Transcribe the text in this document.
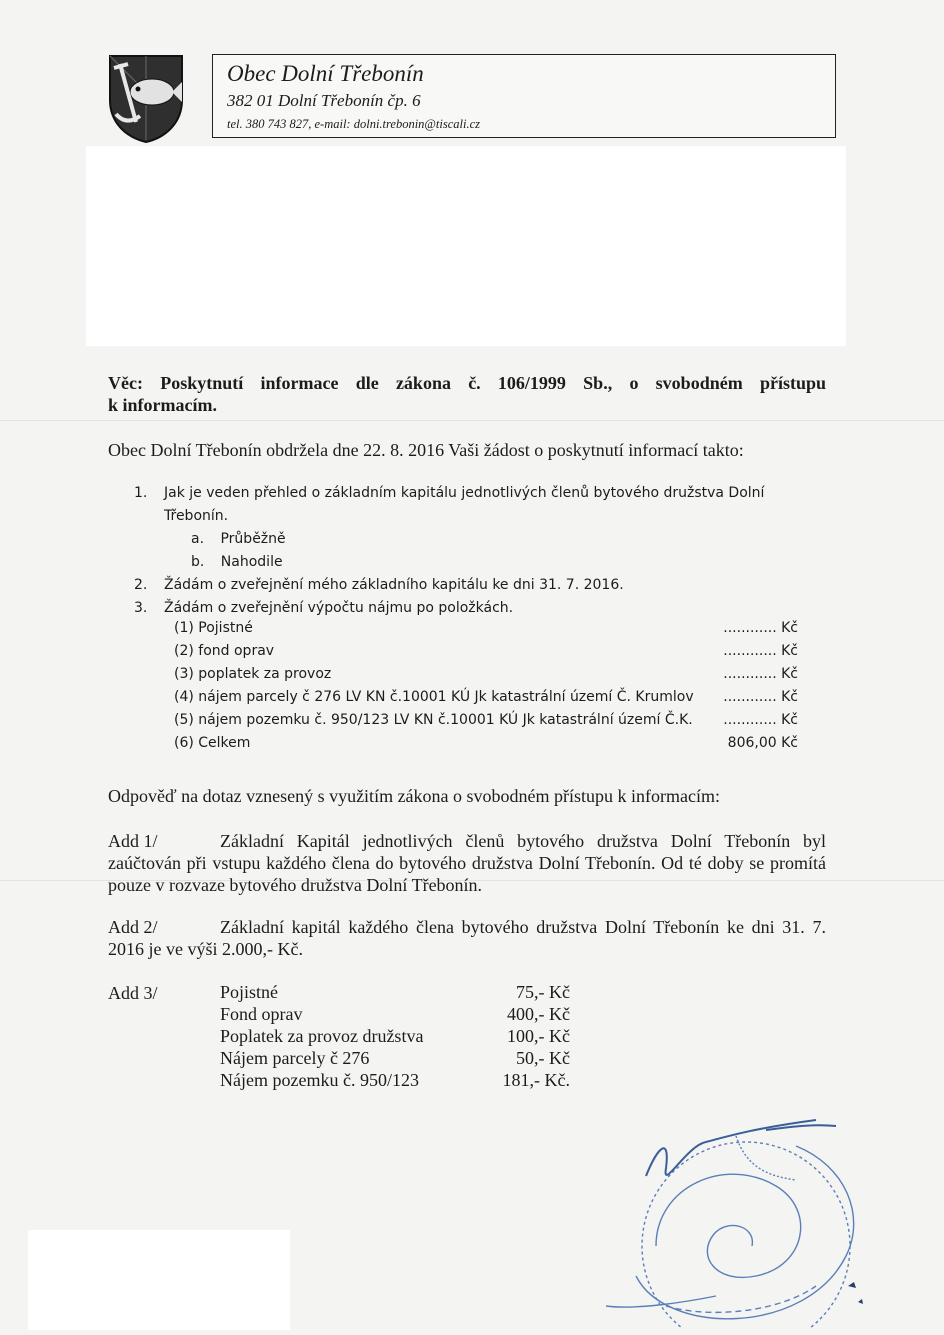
Obec Dolní Třebonín
382 01 Dolní Třebonín čp. 6
tel. 380 743 827, e-mail: dolni.trebonin@tiscali.cz
Věc: Poskytnutí informace dle zákona č. 106/1999 Sb., o svobodném přístupu
k informacím.
Obec Dolní Třebonín obdržela dne 22. 8. 2016 Vaši žádost o poskytnutí informací takto:
1. Jak je veden přehled o základním kapitálu jednotlivých členů bytového družstva Dolní
Třebonín.
a. Průběžně
b. Nahodile
2. Žádám o zveřejnění mého základního kapitálu ke dni 31. 7. 2016.
3. Žádám o zveřejnění výpočtu nájmu po položkách.
(1) Pojistné	............ Kč
(2) fond oprav	............ Kč
(3) poplatek za provoz	............ Kč
(4) nájem parcely č 276 LV KN č.10001 KÚ Jk katastrální území Č. Krumlov ............ Kč
(5) nájem pozemku č. 950/123 LV KN č.10001 KÚ Jk katastrální území Č.K. ............ Kč
(6) Celkem	806,00 Kč
Odpověď na dotaz vznesený s využitím zákona o svobodném přístupu k informacím:
Add 1/	Základní Kapitál jednotlivých členů bytového družstva Dolní Třebonín byl zaúčtován při vstupu každého člena do bytového družstva Dolní Třebonín. Od té doby se promítá pouze v rozvaze bytového družstva Dolní Třebonín.
Add 2/	Základní kapitál každého člena bytového družstva Dolní Třebonín ke dni 31. 7. 2016 je ve výši 2.000,- Kč.
Add 3/	Pojistné	75,- Kč
Fond oprav	400,- Kč
Poplatek za provoz družstva	100,- Kč
Nájem parcely č 276	50,- Kč
Nájem pozemku č. 950/123	181,- Kč.
